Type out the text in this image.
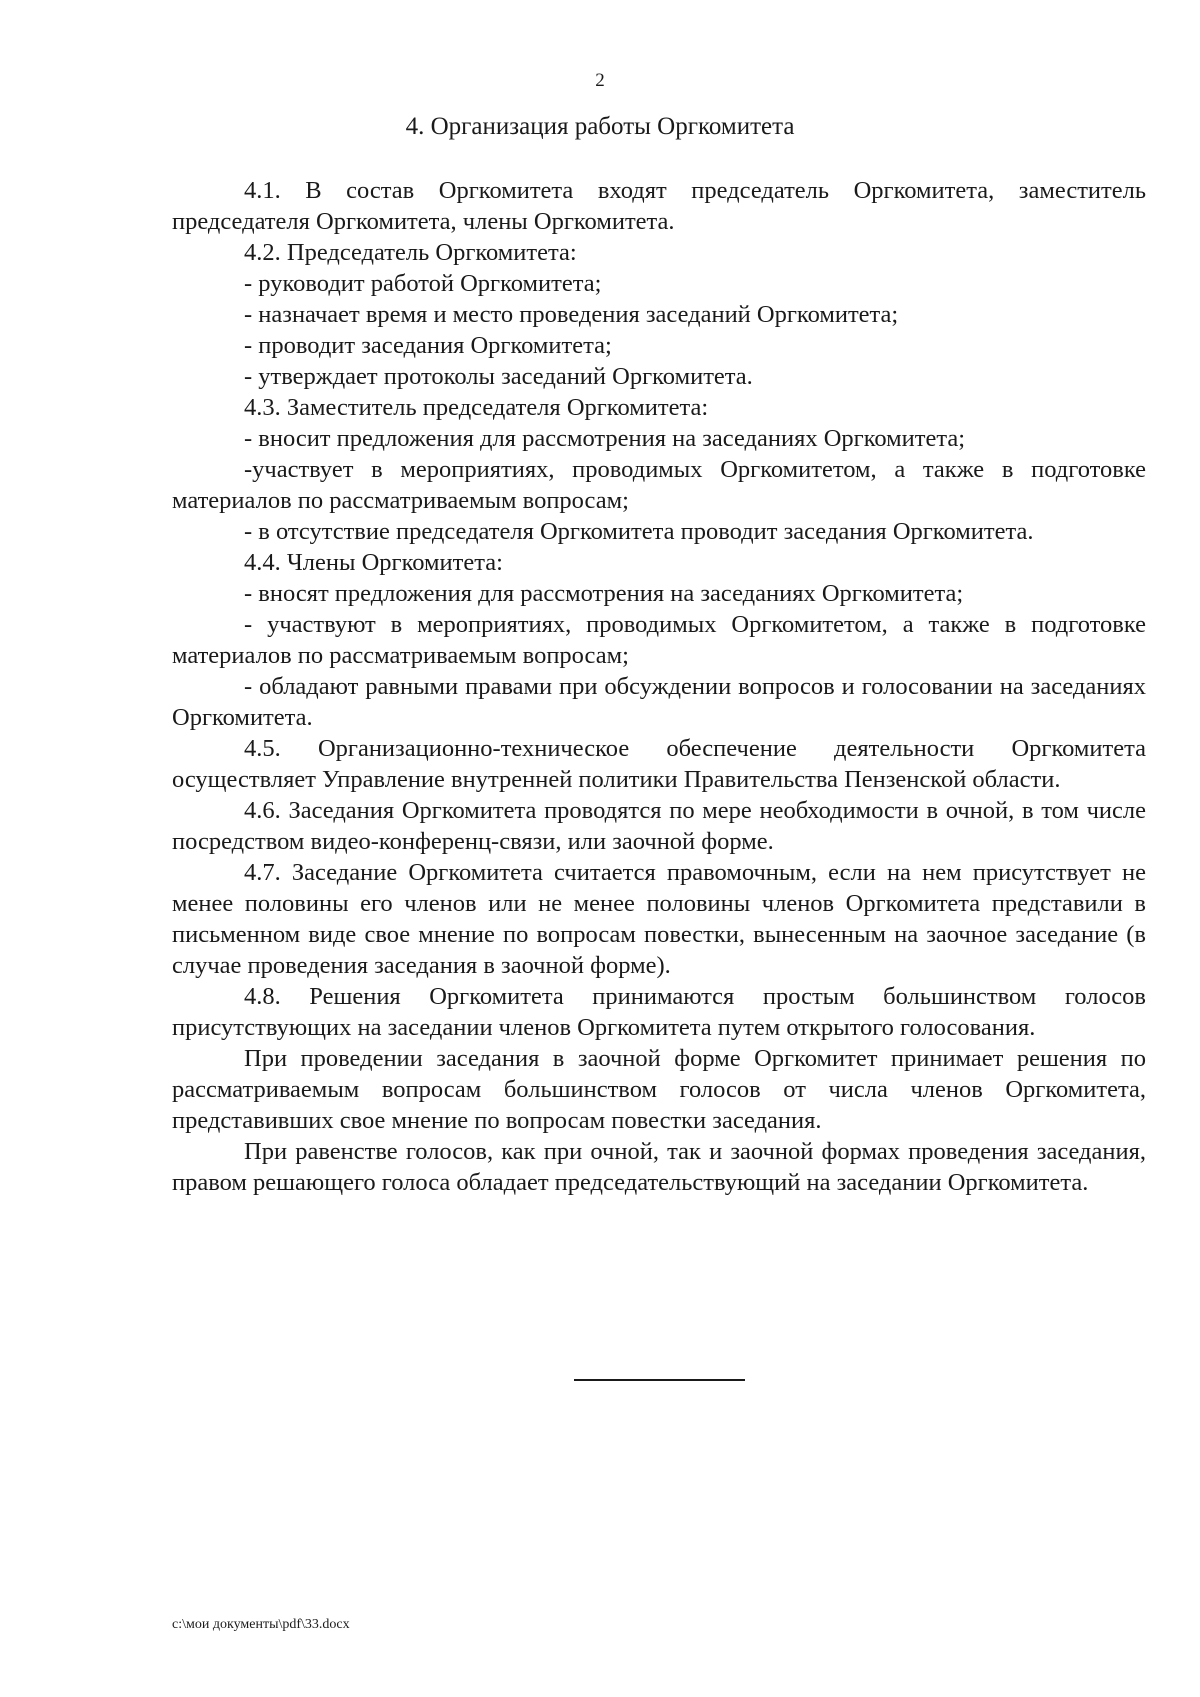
2
4. Организация работы Оргкомитета

4.1. В состав Оргкомитета входят председатель Оргкомитета, заместитель председателя Оргкомитета, члены Оргкомитета.

4.2. Председатель Оргкомитета:

- руководит работой Оргкомитета;

- назначает время и место проведения заседаний Оргкомитета;

- проводит заседания Оргкомитета;

- утверждает протоколы заседаний Оргкомитета.

4.3. Заместитель председателя Оргкомитета:

- вносит предложения для рассмотрения на заседаниях Оргкомитета;

-участвует в мероприятиях, проводимых Оргкомитетом, а также в подготовке материалов по рассматриваемым вопросам;

- в отсутствие председателя Оргкомитета проводит заседания Оргкомитета.

4.4. Члены Оргкомитета:

- вносят предложения для рассмотрения на заседаниях Оргкомитета;

- участвуют в мероприятиях, проводимых Оргкомитетом, а также в подготовке материалов по рассматриваемым вопросам;

- обладают равными правами при обсуждении вопросов и голосовании на заседаниях Оргкомитета.

4.5. Организационно-техническое обеспечение деятельности Оргкомитета осуществляет Управление внутренней политики Правительства Пензенской области.

4.6. Заседания Оргкомитета проводятся по мере необходимости в очной, в том числе посредством видео-конференц-связи, или заочной форме.

4.7. Заседание Оргкомитета считается правомочным, если на нем присутствует не менее половины его членов или не менее половины членов Оргкомитета представили в письменном виде свое мнение по вопросам повестки, вынесенным на заочное заседание (в случае проведения заседания в заочной форме).

4.8. Решения Оргкомитета принимаются простым большинством голосов присутствующих на заседании членов Оргкомитета путем открытого голосования.

При проведении заседания в заочной форме Оргкомитет принимает решения по рассматриваемым вопросам большинством голосов от числа членов Оргкомитета, представивших свое мнение по вопросам повестки заседания.

При равенстве голосов, как при очной, так и заочной формах проведения заседания, правом решающего голоса обладает председательствующий на заседании Оргкомитета.

c:\мои документы\pdf\33.docx
